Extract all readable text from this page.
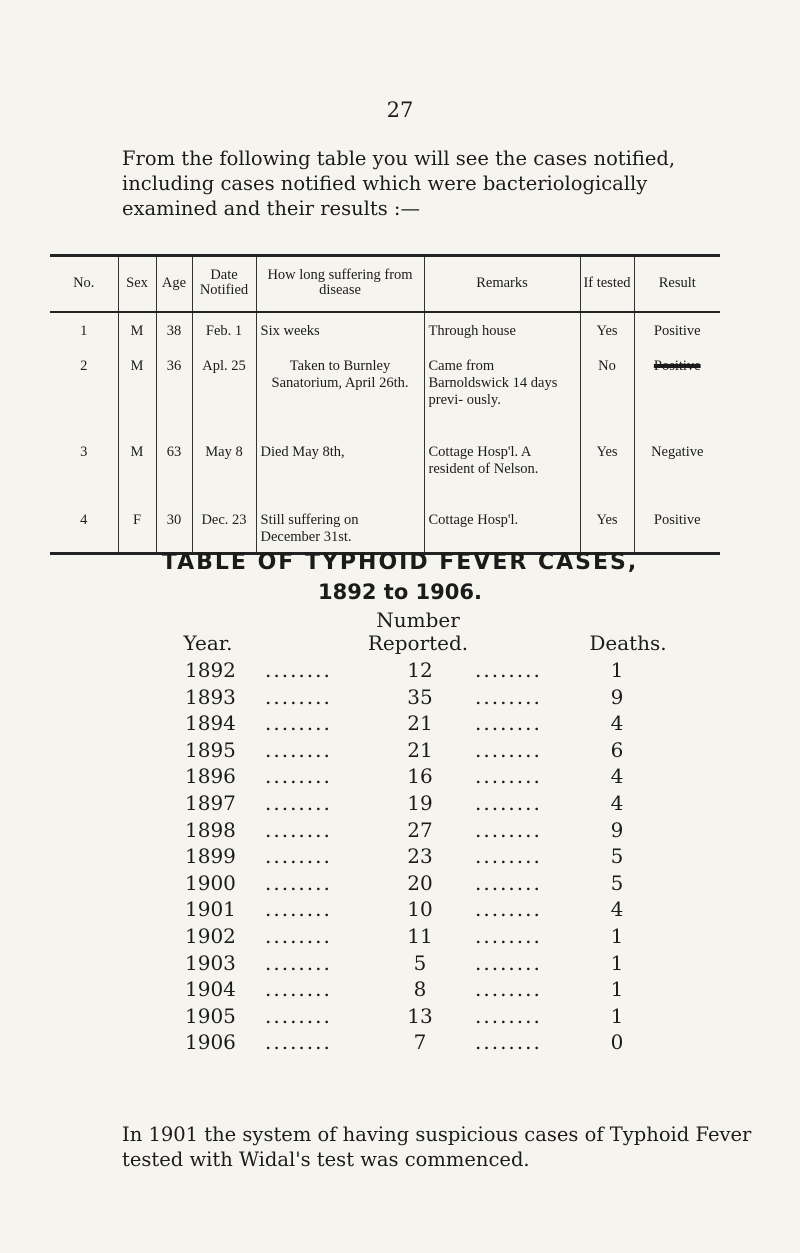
27

From the following table you will see the cases notified, including cases notified which were bacteriologically examined and their results :—

No.	Sex	Age	Date Notified	How long suffering from disease	Remarks	If tested	Result
1	M	38	Feb. 1	Six weeks	Through house	Yes	Positive
2	M	36	Apl. 25	Taken to Burnley Sanatorium, April 26th.	Came from Barnoldswick 14 days previ- ously.	No	Positive
3	M	63	May 8	Died May 8th,	Cottage Hosp'l. A resident of Nelson.	Yes	Negative
4	F	30	Dec. 23	Still suffering on December 31st.	Cottage Hosp'l.	Yes	Positive
TABLE OF TYPHOID FEVER CASES,
1892 to 1906.
Year.
Number
Reported.	Deaths.
1892 ........	12	........	1
1893 ........	35	........	9
1894 ........	21	........	4
1895 ........	21	........	6
1896 ........	16	........	4
1897 ........	19	........	4
1898 ........	27	........	9
1899 ........	23	........	5
1900 ........	20	........	5
1901 ........	10	........	4
1902 ........	11	........	1
1903 ........	5	........	1
1904 ........	8	........	1
1905 ........	13	........	1
1906 ........	7	........	0

In 1901 the system of having suspicious cases of Typhoid Fever tested with Widal's test was commenced.
